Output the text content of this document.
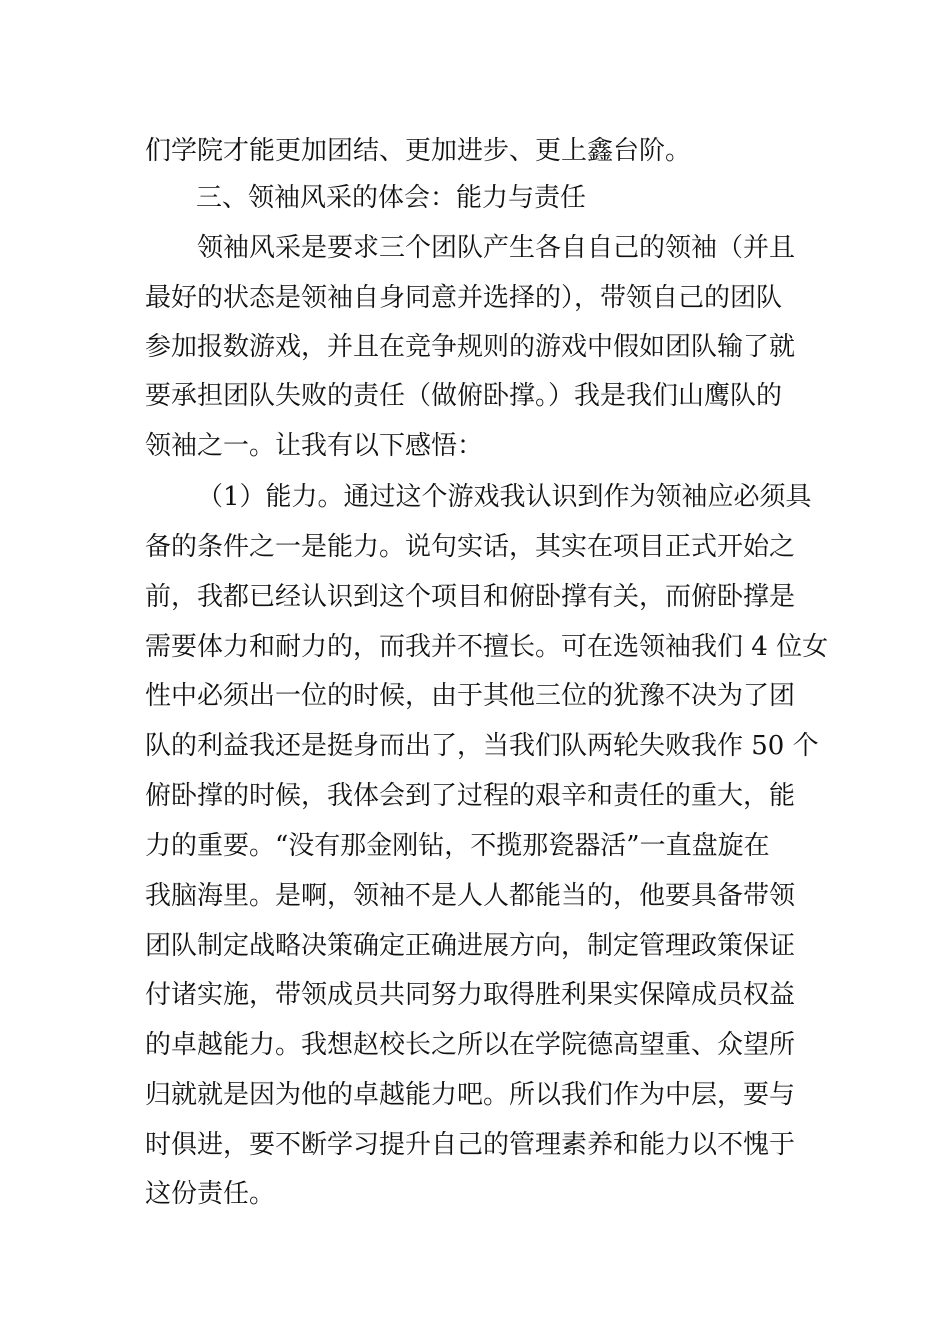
们学院才能更加团结、更加进步、更上鑫台阶。
三、领袖风采的体会：能力与责任
领袖风采是要求三个团队产生各自自己的领袖（并且
最好的状态是领袖自身同意并选择的），带领自己的团队
参加报数游戏，并且在竞争规则的游戏中假如团队输了就
要承担团队失败的责任（做俯卧撑。）我是我们山鹰队的
领袖之一。让我有以下感悟：
（1）能力。通过这个游戏我认识到作为领袖应必须具
备的条件之一是能力。说句实话，其实在项目正式开始之
前，我都已经认识到这个项目和俯卧撑有关，而俯卧撑是
需要体力和耐力的，而我并不擅长。可在选领袖我们 4 位女
性中必须出一位的时候，由于其他三位的犹豫不决为了团
队的利益我还是挺身而出了，当我们队两轮失败我作 50 个
俯卧撑的时候，我体会到了过程的艰辛和责任的重大，能
力的重要。“没有那金刚钻，不揽那瓷器活”一直盘旋在
我脑海里。是啊，领袖不是人人都能当的，他要具备带领
团队制定战略决策确定正确进展方向，制定管理政策保证
付诸实施，带领成员共同努力取得胜利果实保障成员权益
的卓越能力。我想赵校长之所以在学院德高望重、众望所
归就就是因为他的卓越能力吧。所以我们作为中层，要与
时俱进，要不断学习提升自己的管理素养和能力以不愧于
这份责任。
